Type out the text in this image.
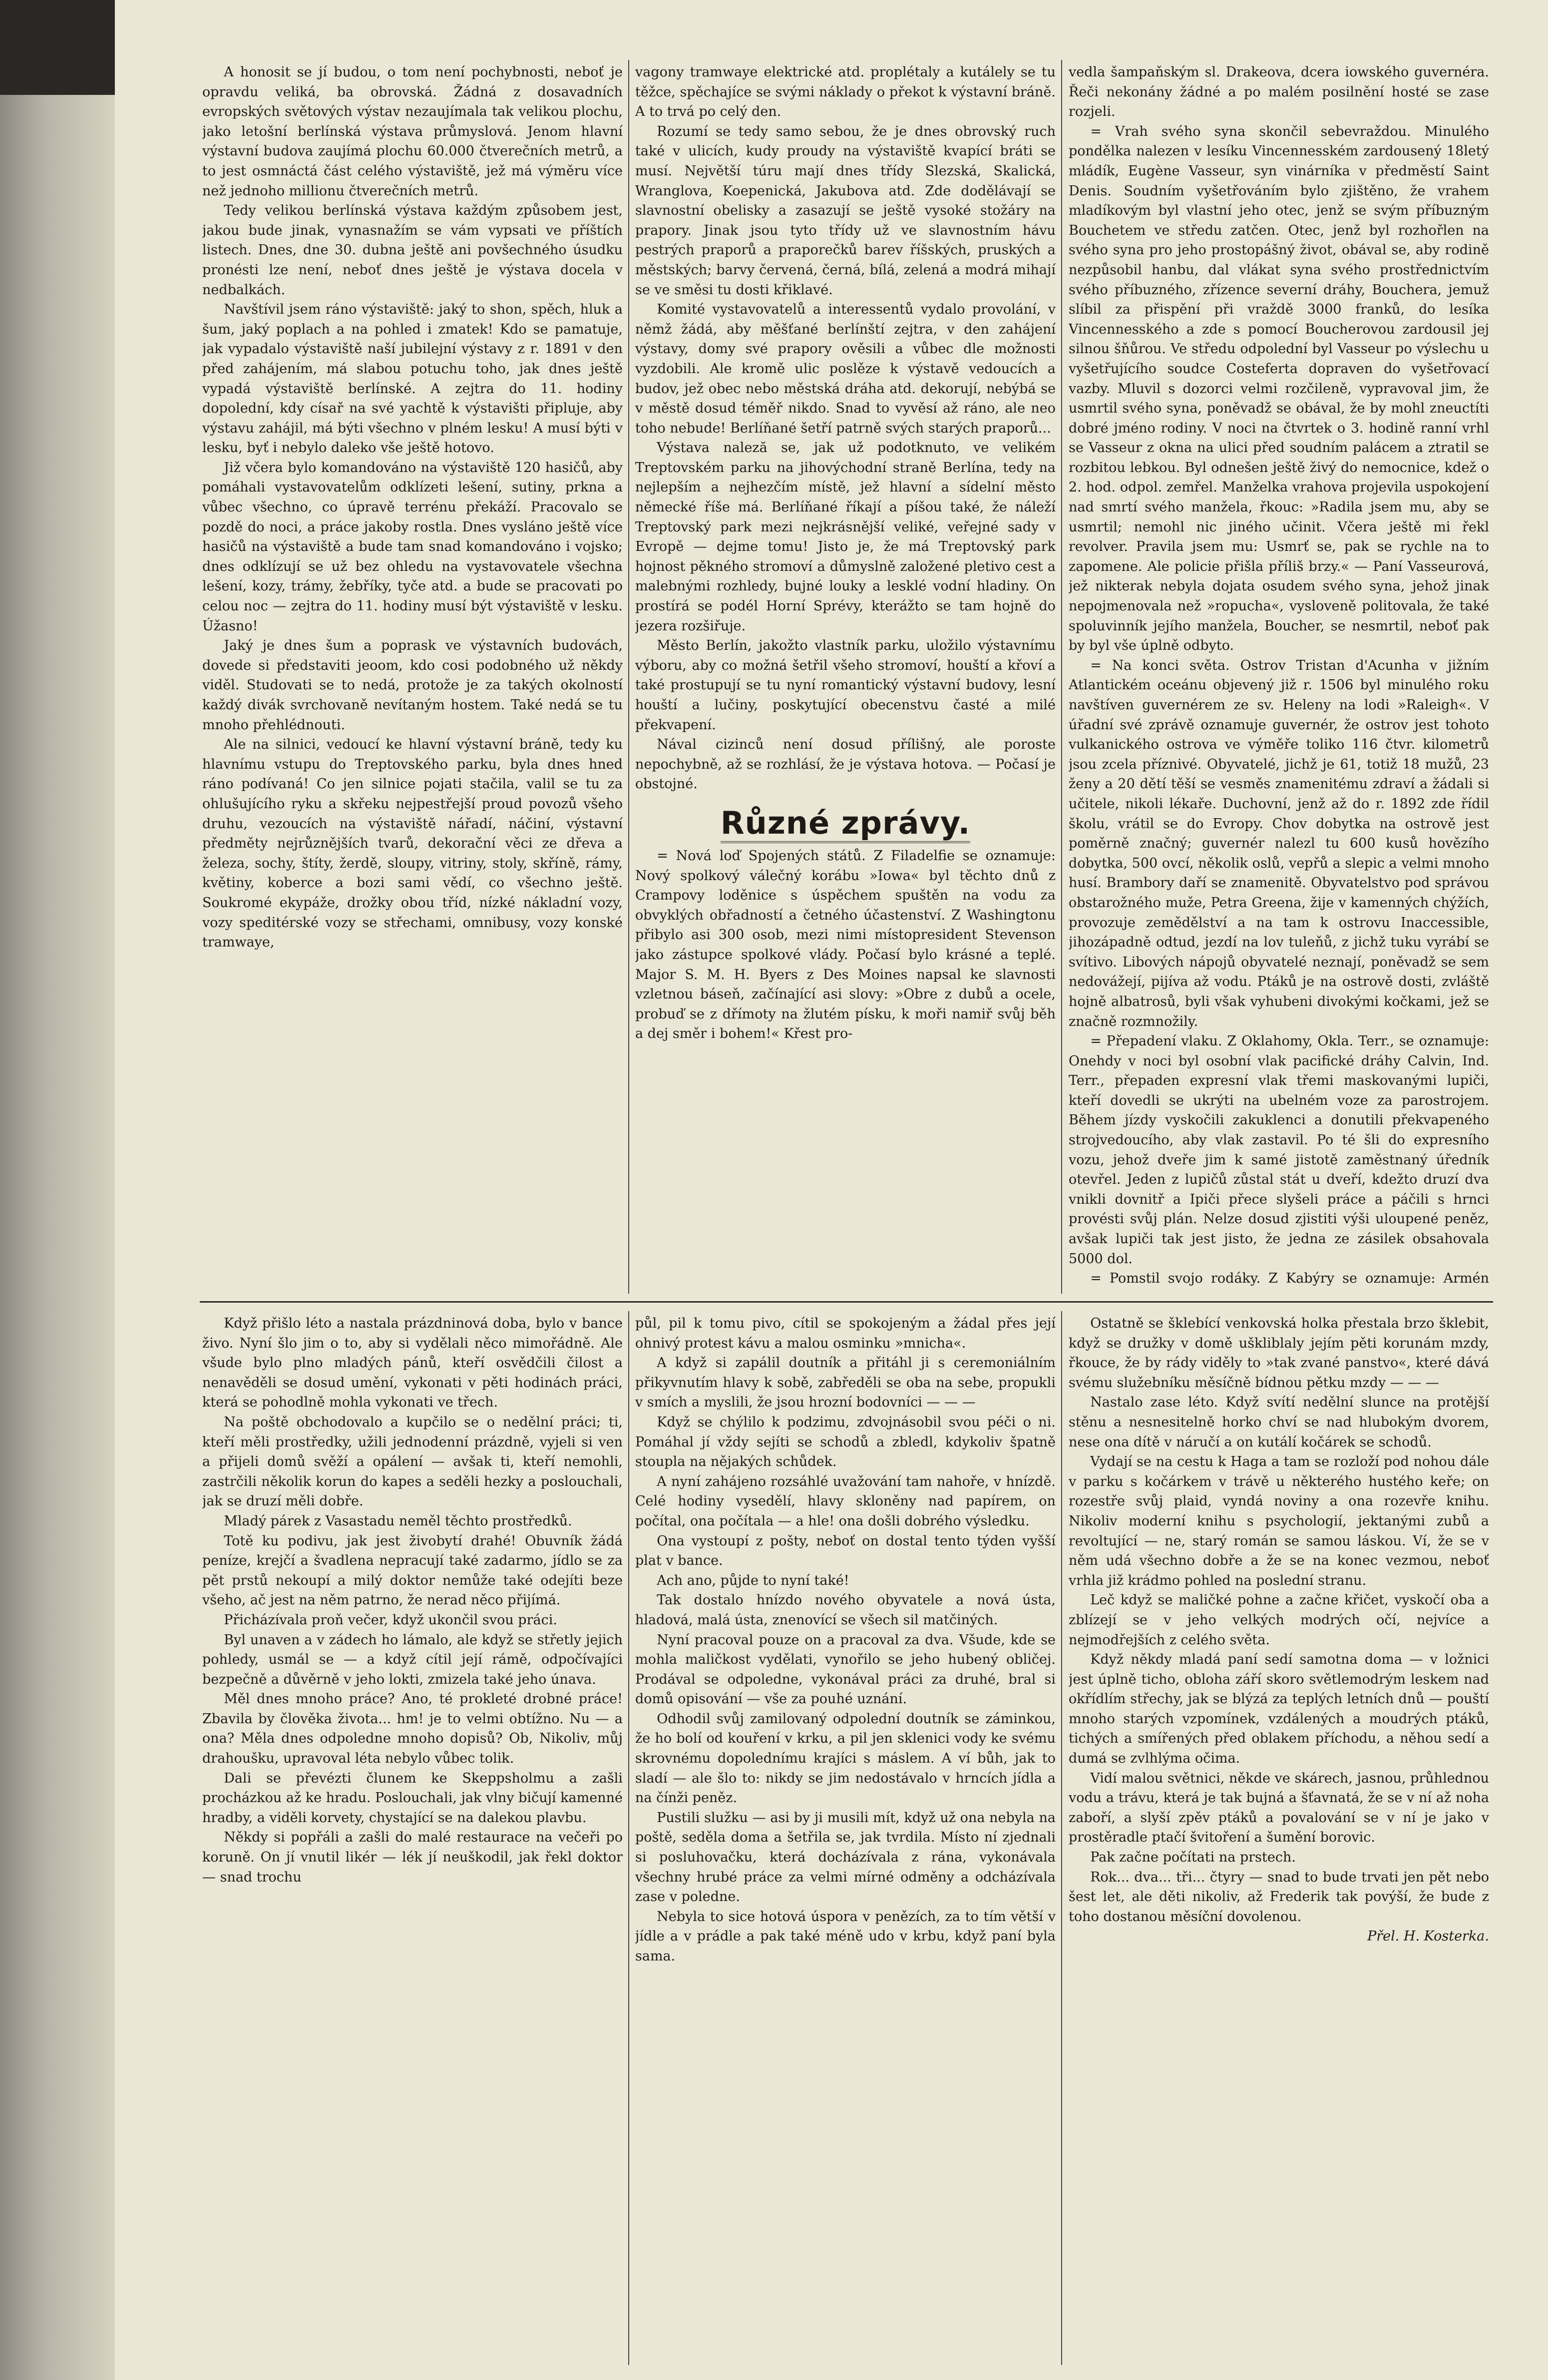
A honosit se jí budou, o tom není pochybnosti, neboť je opravdu veliká, ba obrovská. Žádná z dosavadních evropských světových výstav nezaujímala tak velikou plochu, jako letošní berlínská výstava průmyslová. Jenom hlavní výstavní budova zaujímá plochu 60.000 čtverečních metrů, a to jest osmnáctá část celého výstaviště, jež má výměru více než jednoho millionu čtverečních metrů.

Tedy velikou berlínská výstava každým způsobem jest, jakou bude jinak, vynasnažím se vám vypsati ve příštích listech. Dnes, dne 30. dubna ještě ani povšechného úsudku pronésti lze není, neboť dnes ještě je výstava docela v nedbalkách.

Navštívil jsem ráno výstaviště: jaký to shon, spěch, hluk a šum, jaký poplach a na pohled i zmatek! Kdo se pamatuje, jak vypadalo výstaviště naší jubilejní výstavy z r. 1891 v den před zahájením, má slabou potuchu toho, jak dnes ještě vypadá výstaviště berlínské. A zejtra do 11. hodiny dopolední, kdy císař na své yachtě k výstavišti připluje, aby výstavu zahájil, má býti všechno v plném lesku! A musí býti v lesku, byť i nebylo daleko vše ještě hotovo.

Již včera bylo komandováno na výstaviště 120 hasičů, aby pomáhali vystavovatelům odklízeti lešení, sutiny, prkna a vůbec všechno, co úpravě terrénu překáží. Pracovalo se pozdě do noci, a práce jakoby rostla. Dnes vysláno ještě více hasičů na výstaviště a bude tam snad komandováno i vojsko; dnes odklízují se už bez ohledu na vystavovatele všechna lešení, kozy, trámy, žebříky, tyče atd. a bude se pracovati po celou noc — zejtra do 11. hodiny musí být výstaviště v lesku. Úžasno!

Jaký je dnes šum a poprask ve výstavních budovách, dovede si představiti jeoom, kdo cosi podobného už někdy viděl. Studovati se to nedá, protože je za takých okolností každý divák svrchovaně nevítaným hostem. Také nedá se tu mnoho přehlédnouti.

Ale na silnici, vedoucí ke hlavní výstavní bráně, tedy ku hlavnímu vstupu do Treptovského parku, byla dnes hned ráno podívaná! Co jen silnice pojati stačila, valil se tu za ohlušujícího ryku a skřeku nejpestřejší proud povozů všeho druhu, vezoucích na výstaviště nářadí, náčiní, výstavní předměty nejrůznějších tvarů, dekorační věci ze dřeva a železa, sochy, štíty, žerdě, sloupy, vitriny, stoly, skříně, rámy, květiny, koberce a bozi sami vědí, co všechno ještě. Soukromé ekypáže, drožky obou tříd, nízké nákladní vozy, vozy speditérské vozy se střechami, omnibusy, vozy konské tramwaye,

vagony tramwaye elektrické atd. proplétaly a kutálely se tu těžce, spěchajíce se svými náklady o překot k výstavní bráně. A to trvá po celý den.

Rozumí se tedy samo sebou, že je dnes obrovský ruch také v ulicích, kudy proudy na výstaviště kvapící bráti se musí. Největší túru mají dnes třídy Slezská, Skalická, Wranglova, Koepenická, Jakubova atd. Zde dodělávají se slavnostní obelisky a zasazují se ještě vysoké stožáry na prapory. Jinak jsou tyto třídy už ve slavnostním hávu pestrých praporů a praporečků barev říšských, pruských a městských; barvy červená, černá, bílá, zelená a modrá mihají se ve směsi tu dosti křiklavé.

Komité vystavovatelů a interessentů vydalo provolání, v němž žádá, aby měšťané berlínští zejtra, v den zahájení výstavy, domy své prapory ověsili a vůbec dle možnosti vyzdobili. Ale kromě ulic poslěze k výstavě vedoucích a budov, jež obec nebo městská dráha atd. dekorují, nebýbá se v městě dosud téměř nikdo. Snad to vyvěsí až ráno, ale neo toho nebude! Berlíňané šetří patrně svých starých praporů...

Výstava naleză se, jak už podotknuto, ve velikém Treptovském parku na jihovýchodní straně Berlína, tedy na nejlepším a nejhezčím místě, jež hlavní a sídelní město německé říše má. Berlíňané říkají a píšou také, že náleží Treptovský park mezi nejkrásnější veliké, veřejné sady v Evropě — dejme tomu! Jisto je, že má Treptovský park hojnost pěkného stromoví a důmyslně založené pletivo cest a malebnými rozhledy, bujné louky a lesklé vodní hladiny. On prostírá se podél Horní Sprévy, kterážto se tam hojně do jezera rozšiřuje.

Město Berlín, jakožto vlastník parku, uložilo výstavnímu výboru, aby co možná šetřil všeho stromoví, houští a křoví a také prostupují se tu nyní romantický výstavní budovy, lesní houští a lučiny, poskytující obecenstvu časté a milé překvapení.

Nával cizinců není dosud přílišný, ale poroste nepochybně, až se rozhlásí, že je výstava hotova. — Počasí je obstojné.

Různé zprávy.

= Nová loď Spojených států. Z Filadelfie se oznamuje: Nový spolkový válečný korábu »Iowa« byl těchto dnů z Crampovy loděnice s úspěchem spuštěn na vodu za obvyklých obřadností a četného účastenství. Z Washingtonu přibylo asi 300 osob, mezi nimi místopresident Stevenson jako zástupce spolkové vlády. Počasí bylo krásné a teplé. Major S. M. H. Byers z Des Moines napsal ke slavnosti vzletnou báseň, začínající asi slovy: »Obre z dubů a ocele, probuď se z dřímoty na žlutém písku, k moři namiř svůj běh a dej směr i bohem!« Křest pro-

vedla šampaňským sl. Drakeova, dcera iowského guvernéra. Řeči nekonány žádné a po malém posilnění hosté se zase rozjeli.

= Vrah svého syna skončil sebevraždou. Minulého pondělka nalezen v lesíku Vincennesském zardousený 18letý mládík, Eugène Vasseur, syn vinárníka v předměstí Saint Denis. Soudním vyšetřováním bylo zjištěno, že vrahem mladíkovým byl vlastní jeho otec, jenž se svým příbuzným Bouchetem ve středu zatčen. Otec, jenž byl rozhořlen na svého syna pro jeho prostopášný život, obával se, aby rodině nezpůsobil hanbu, dal vlákat syna svého prostřednictvím svého příbuzného, zřízence severní dráhy, Bouchera, jemuž slíbil za přispění při vraždě 3000 franků, do lesíka Vincennesského a zde s pomocí Boucherovou zardousil jej silnou šňůrou. Ve středu odpolední byl Vasseur po výslechu u vyšetřujícího soudce Costeferta dopraven do vyšetřovací vazby. Mluvil s dozorci velmi rozčileně, vypravoval jim, že usmrtil svého syna, poněvadž se obával, že by mohl zneuctíti dobré jméno rodiny. V noci na čtvrtek o 3. hodině ranní vrhl se Vasseur z okna na ulici před soudním palácem a ztratil se rozbitou lebkou. Byl odnešen ještě živý do nemocnice, kdež o 2. hod. odpol. zemřel. Manželka vrahova projevila uspokojení nad smrtí svého manžela, řkouc: »Radila jsem mu, aby se usmrtil; nemohl nic jiného učinit. Včera ještě mi řekl revolver. Pravila jsem mu: Usmrť se, pak se rychle na to zapomene. Ale policie přišla příliš brzy.« — Paní Vasseurová, jež nikterak nebyla dojata osudem svého syna, jehož jinak nepojmenovala než »ropucha«, vysloveně politovala, že také spoluvinník jejího manžela, Boucher, se nesmrtil, neboť pak by byl vše úplně odbyto.

= Na konci světa. Ostrov Tristan d'Acunha v jižním Atlantickém oceánu objevený již r. 1506 byl minulého roku navštíven guvernérem ze sv. Heleny na lodi »Raleigh«. V úřadní své zprávě oznamuje guvernér, že ostrov jest tohoto vulkanického ostrova ve výměře toliko 116 čtvr. kilometrů jsou zcela příznivé. Obyvatelé, jichž je 61, totiž 18 mužů, 23 ženy a 20 dětí těší se vesměs znamenitému zdraví a žádali si učitele, nikoli lékaře. Duchovní, jenž až do r. 1892 zde řídil školu, vrátil se do Evropy. Chov dobytka na ostrově jest poměrně značný; guvernér nalezl tu 600 kusů hovězího dobytka, 500 ovcí, několik oslů, vepřů a slepic a velmi mnoho husí. Brambory daří se znamenitě. Obyvatelstvo pod správou obstarožného muže, Petra Greena, žije v kamenných chýžích, provozuje zemědělství a na tam k ostrovu Inaccessible, jihozápadně odtud, jezdí na lov tuleňů, z jichž tuku vyrábí se svítivo. Libových nápojů obyvatelé neznají, poněvadž se sem nedovážejí, pijíva až vodu. Ptáků je na ostrově dosti, zvláště hojně albatrosů, byli však vyhubeni divokými kočkami, jež se značně rozmnožily.

= Přepadení vlaku. Z Oklahomy, Okla. Terr., se oznamuje: Onehdy v noci byl osobní vlak pacifické dráhy Calvin, Ind. Terr., přepaden expresní vlak třemi maskovanými lupiči, kteří dovedli se ukrýti na ubelném voze za parostrojem. Během jízdy vyskočili zakuklenci a donutili překvapeného strojvedoucího, aby vlak zastavil. Po té šli do expresního vozu, jehož dveře jim k samé jistotě zaměstnaný úředník otevřel. Jeden z lupičů zůstal stát u dveří, kdežto druzí dva vnikli dovnitř a Ipiči přece slyšeli práce a páčili s hrnci provésti svůj plán. Nelze dosud zjistiti výši uloupené peněz, avšak lupiči tak jest jisto, že jedna ze zásilek obsahovala 5000 dol.

= Pomstil svojo rodáky. Z Kabýry se oznamuje: Armén

Když přišlo léto a nastala prázdninová doba, bylo v bance živo. Nyní šlo jim o to, aby si vydělali něco mimořádně. Ale všude bylo plno mladých pánů, kteří osvědčili čilost a nenavěděli se dosud umění, vykonati v pěti hodinách práci, která se pohodlně mohla vykonati ve třech.

Na poště obchodovalo a kupčilo se o nedělní práci; ti, kteří měli prostředky, užili jednodenní prázdně, vyjeli si ven a přijeli domů svěží a opálení — avšak ti, kteří nemohli, zastrčili několik korun do kapes a seděli hezky a poslouchali, jak se druzí měli dobře.

Mladý párek z Vasastadu neměl těchto prostředků.

Totě ku podivu, jak jest živobytí drahé! Obuvník žádá peníze, krejčí a švadlena nepracují také zadarmo, jídlo se za pět prstů nekoupí a milý doktor nemůže také odejíti beze všeho, ač jest na něm patrno, že nerad něco přijímá.

Přicházívala proň večer, když ukončil svou práci.

Byl unaven a v zádech ho lámalo, ale když se střetly jejich pohledy, usmál se — a když cítil její rámě, odpočívajíci bezpečně a důvěrně v jeho lokti, zmizela také jeho únava.

Měl dnes mnoho práce? Ano, té prokleté drobné práce! Zbavila by člověka života... hm! je to velmi obtížno. Nu — a ona? Měla dnes odpoledne mnoho dopisů? Ob, Nikoliv, můj drahoušku, upravoval léta nebylo vůbec tolik.

Dali se převézti člunem ke Skeppsholmu a zašli procházkou až ke hradu. Poslouchali, jak vlny bičují kamenné hradby, a viděli korvety, chystající se na dalekou plavbu.

Někdy si popřáli a zašli do malé restaurace na večeři po koruně. On jí vnutil likér — lék jí neuškodil, jak řekl doktor — snad trochu

půl, pil k tomu pivo, cítil se spokojeným a žádal přes její ohnivý protest kávu a malou osminku »mnicha«.

A když si zapálil doutník a přitáhl ji s ceremoniálním přikyvnutím hlavy k sobě, zabředěli se oba na sebe, propukli v smích a myslili, že jsou hrozní bodovníci — — —

Když se chýlilo k podzimu, zdvojnásobil svou péči o ni. Pomáhal jí vždy sejíti se schodů a zbledl, kdykoliv špatně stoupla na nějakých schůdek.

A nyní zahájeno rozsáhlé uvažování tam nahoře, v hnízdě. Celé hodiny vysedělí, hlavy skloněny nad papírem, on počítal, ona počítala — a hle! ona došli dobrého výsledku.

Ona vystoupí z pošty, neboť on dostal tento týden vyšší plat v bance.

Ach ano, půjde to nyní také!

Tak dostalo hnízdo nového obyvatele a nová ústa, hladová, malá ústa, znenovící se všech sil matčiných.

Nyní pracoval pouze on a pracoval za dva. Všude, kde se mohla maličkost vydělati, vynořilo se jeho hubený obličej. Prodával se odpoledne, vykonával práci za druhé, bral si domů opisování — vše za pouhé uznání.

Odhodil svůj zamilovaný odpolední doutník se záminkou, že ho bolí od kouření v krku, a pil jen sklenici vody ke svému skrovnému dopolednímu krajíci s máslem. A ví bůh, jak to sladí — ale šlo to: nikdy se jim nedostávalo v hrncích jídla a na čínži peněz.

Pustili služku — asi by ji musili mít, když už ona nebyla na poště, seděla doma a šetřila se, jak tvrdila. Místo ní zjednali si posluhovačku, která docházívala z rána, vykonávala všechny hrubé práce za velmi mírné odměny a odcházívala zase v poledne.

Nebyla to sice hotová úspora v penězích, za to tím větší v jídle a v prádle a pak také méně udo v krbu, když paní byla sama.

Ostatně se šklebící venkovská holka přestala brzo šklebit, když se družky v domě uškliblaly jejím pěti korunám mzdy, řkouce, že by rády viděly to »tak zvané panstvo«, které dává svému služebníku měsíčně bídnou pětku mzdy — — —

Nastalo zase léto. Když svítí nedělní slunce na protější stěnu a nesnesitelně horko chví se nad hlubokým dvorem, nese ona dítě v náručí a on kutálí kočárek se schodů.

Vydají se na cestu k Haga a tam se rozloží pod nohou dále v parku s kočárkem v trávě u některého hustého keře; on rozestře svůj plaid, vyndá noviny a ona rozevře knihu. Nikoliv moderní knihu s psychologií, jektanými zubů a revoltující — ne, starý román se samou láskou. Ví, že se v něm udá všechno dobře a že se na konec vezmou, neboť vrhla již krádmo pohled na poslední stranu.

Leč když se maličké pohne a začne křičet, vyskočí oba a zblízejí se v jeho velkých modrých očí, nejvíce a nejmodřejších z celého světa.

Když někdy mladá paní sedí samotna doma — v ložnici jest úplně ticho, obloha září skoro světlemodrým leskem nad okřídlím střechy, jak se blýzá za teplých letních dnů — pouští mnoho starých vzpomínek, vzdálených a moudrých ptáků, tichých a smířených před oblakem příchodu, a něhou sedí a dumá se zvlhlýma očima.

Vidí malou světnici, někde ve skárech, jasnou, průhlednou vodu a trávu, která je tak bujná a šťavnatá, že se v ní až noha zaboří, a slyší zpěv ptáků a povalování se v ní je jako v prostěradle ptačí švitoření a šumění borovic.

Pak začne počítati na prstech.

Rok... dva... tři... čtyry — snad to bude trvati jen pět nebo šest let, ale děti nikoliv, až Frederik tak povýší, že bude z toho dostanou měsíční dovolenou.

Přel. H. Kosterka.
